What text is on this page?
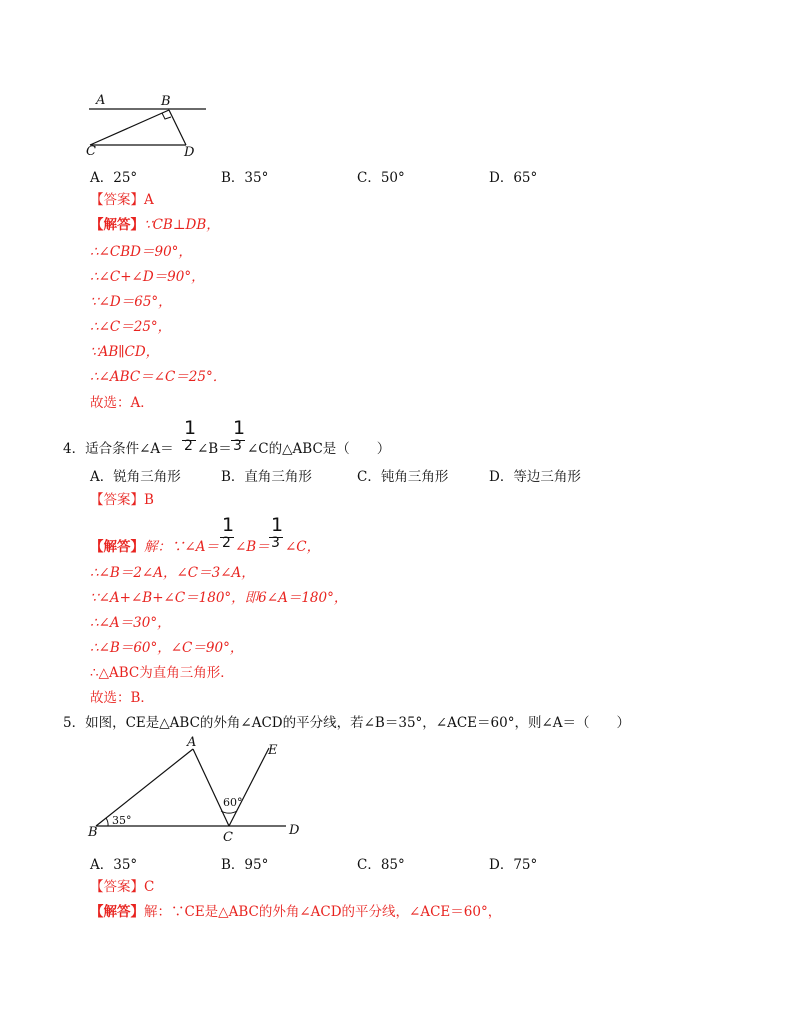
A	B
C	D
A．25°	B．35°	C．50°	D．65°
【答案】A
【解答】∵CB⊥DB，
∴∠CBD＝90°，
∴∠C+∠D＝90°，
∵∠D＝65°，
∴∠C＝25°，
∵AB∥CD，
∴∠ABC＝∠C＝25°．
故选：A．
4．适合条件∠A＝
1
2 ∠B＝
1
3 ∠C的△ABC是（　　）
A．锐角三角形	B．直角三角形	C．钝角三角形	D．等边三角形
【答案】B
【解答】解：∵∠A＝
1
2 ∠B＝
1
3 ∠C，
∴∠B＝2∠A，∠C＝3∠A，
∵∠A+∠B+∠C＝180°，即6∠A＝180°，
∴∠A＝30°，
∴∠B＝60°，∠C＝90°，
∴△ABC为直角三角形．
故选：B．
5．如图，CE是△ABC的外角∠ACD的平分线，若∠B＝35°，∠ACE＝60°，则∠A＝（　　）
A
B	C	D
E
35°
60°
A．35°	B．95°	C．85°	D．75°
【答案】C
【解答】解：∵CE是△ABC的外角∠ACD的平分线，∠ACE＝60°，
